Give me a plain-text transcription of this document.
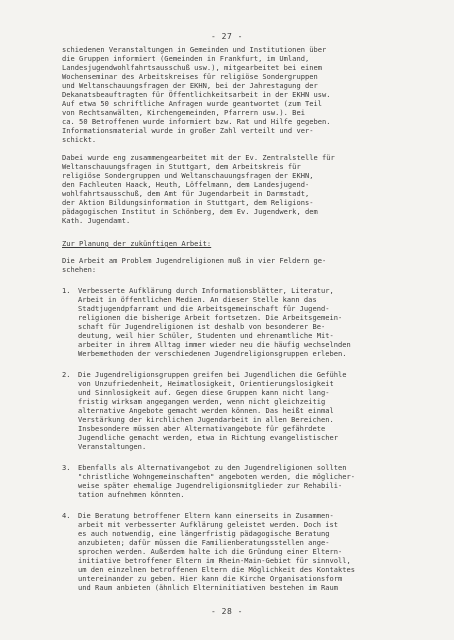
- 27 -
schiedenen Veranstaltungen in Gemeinden und Institutionen über
die Gruppen informiert (Gemeinden in Frankfurt, im Umland,
Landesjugendwohlfahrtsausschuß usw.), mitgearbeitet bei einem
Wochenseminar des Arbeitskreises für religiöse Sondergruppen
und Weltanschauungsfragen der EKHN, bei der Jahrestagung der
Dekanatsbeauftragten für Öffentlichkeitsarbeit in der EKHN usw.
Auf etwa 50 schriftliche Anfragen wurde geantwortet (zum Teil
von Rechtsanwälten, Kirchengemeinden, Pfarrern usw.). Bei
ca. 50 Betroffenen wurde informiert bzw. Rat und Hilfe gegeben.
Informationsmaterial wurde in großer Zahl verteilt und ver-
schickt.
Dabei wurde eng zusammengearbeitet mit der Ev. Zentralstelle für
Weltanschauungsfragen in Stuttgart, dem Arbeitskreis für
religiöse Sondergruppen und Weltanschauungsfragen der EKHN,
den Fachleuten Haack, Heuth, Löffelmann, dem Landesjugend-
wohlfahrtsausschuß, dem Amt für Jugendarbeit in Darmstadt,
der Aktion Bildungsinformation in Stuttgart, dem Religions-
pädagogischen Institut in Schönberg, dem Ev. Jugendwerk, dem
Kath. Jugendamt.
Zur Planung der zukünftigen Arbeit:
Die Arbeit am Problem Jugendreligionen muß in vier Feldern ge-
schehen:
1. Verbesserte Aufklärung durch Informationsblätter, Literatur,
Arbeit in öffentlichen Medien. An dieser Stelle kann das
Stadtjugendpfarramt und die Arbeitsgemeinschaft für Jugend-
religionen die bisherige Arbeit fortsetzen. Die Arbeitsgemein-
schaft für Jugendreligionen ist deshalb von besonderer Be-
deutung, weil hier Schüler, Studenten und ehrenamtliche Mit-
arbeiter in ihrem Alltag immer wieder neu die häufig wechselnden
Werbemethoden der verschiedenen Jugendreligionsgruppen erleben.
2. Die Jugendreligionsgruppen greifen bei Jugendlichen die Gefühle
von Unzufriedenheit, Heimatlosigkeit, Orientierungslosigkeit
und Sinnlosigkeit auf. Gegen diese Gruppen kann nicht lang-
fristig wirksam angegangen werden, wenn nicht gleichzeitig
alternative Angebote gemacht werden können. Das heißt einmal
Verstärkung der kirchlichen Jugendarbeit in allen Bereichen.
Insbesondere müssen aber Alternativangebote für gefährdete
Jugendliche gemacht werden, etwa in Richtung evangelistischer
Veranstaltungen.
3. Ebenfalls als Alternativangebot zu den Jugendreligionen sollten
"christliche Wohngemeinschaften" angeboten werden, die möglicher-
weise später ehemalige Jugendreligionsmitglieder zur Rehabili-
tation aufnehmen könnten.
4. Die Beratung betroffener Eltern kann einerseits in Zusammen-
arbeit mit verbesserter Aufklärung geleistet werden. Doch ist
es auch notwendig, eine längerfristig pädagogische Beratung
anzubieten; dafür müssen die Familienberatungsstellen ange-
sprochen werden. Außerdem halte ich die Gründung einer Eltern-
initiative betroffener Eltern im Rhein-Main-Gebiet für sinnvoll,
um den einzelnen betroffenen Eltern die Möglichkeit des Kontaktes
untereinander zu geben. Hier kann die Kirche Organisationsform
und Raum anbieten (ähnlich Elterninitiativen bestehen im Raum
- 28 -
